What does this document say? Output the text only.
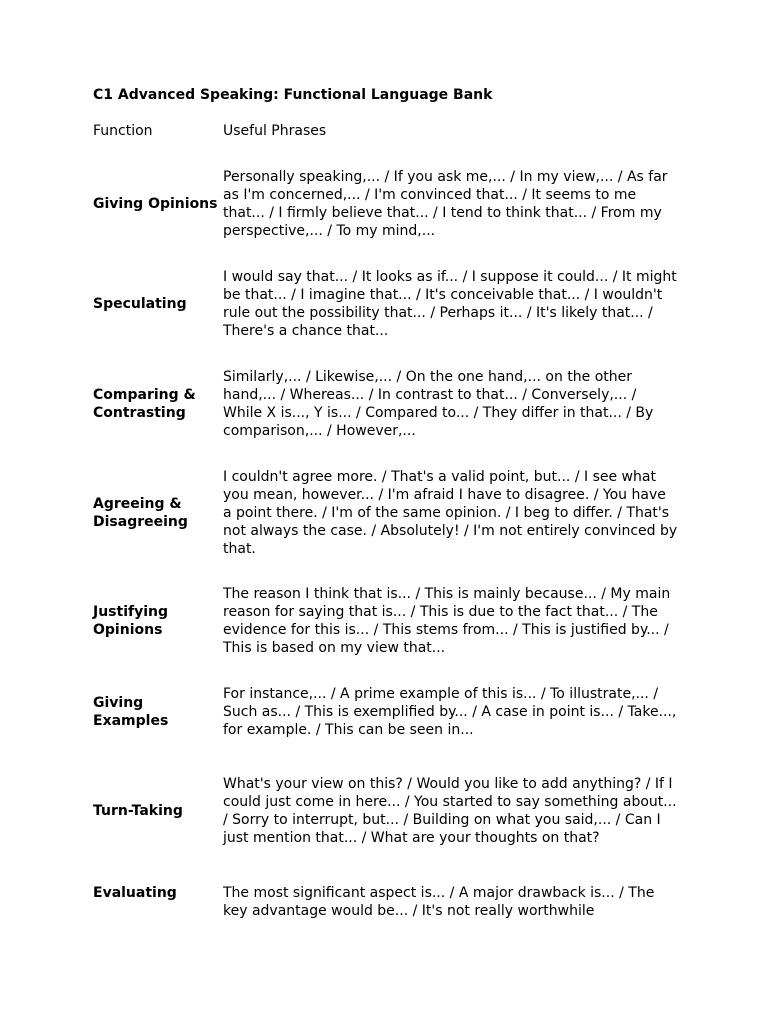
C1 Advanced Speaking: Functional Language Bank
Function	Useful Phrases
Giving Opinions
Personally speaking,... / If you ask me,... / In my view,... / As far as I'm concerned,... / I'm convinced that... / It seems to me that... / I firmly believe that... / I tend to think that... / From my perspective,... / To my mind,...
Speculating
I would say that... / It looks as if... / I suppose it could... / It might be that... / I imagine that... / It's conceivable that... / I wouldn't rule out the possibility that... / Perhaps it... / It's likely that... / There's a chance that...
Comparing & Contrasting
Similarly,... / Likewise,... / On the one hand,... on the other hand,... / Whereas... / In contrast to that... / Conversely,... / While X is..., Y is... / Compared to... / They differ in that... / By comparison,... / However,...
Agreeing & Disagreeing
I couldn't agree more. / That's a valid point, but... / I see what you mean, however... / I'm afraid I have to disagree. / You have a point there. / I'm of the same opinion. / I beg to differ. / That's not always the case. / Absolutely! / I'm not entirely convinced by that.
Justifying Opinions
The reason I think that is... / This is mainly because... / My main reason for saying that is... / This is due to the fact that... / The evidence for this is... / This stems from... / This is justified by... / This is based on my view that...
Giving Examples
For instance,... / A prime example of this is... / To illustrate,... / Such as... / This is exemplified by... / A case in point is... / Take..., for example. / This can be seen in...
Turn-Taking
What's your view on this? / Would you like to add anything? / If I could just come in here... / You started to say something about... / Sorry to interrupt, but... / Building on what you said,... / Can I just mention that... / What are your thoughts on that?
Evaluating	The most significant aspect is... / A major drawback is... / The key advantage would be... / It's not really worthwhile
